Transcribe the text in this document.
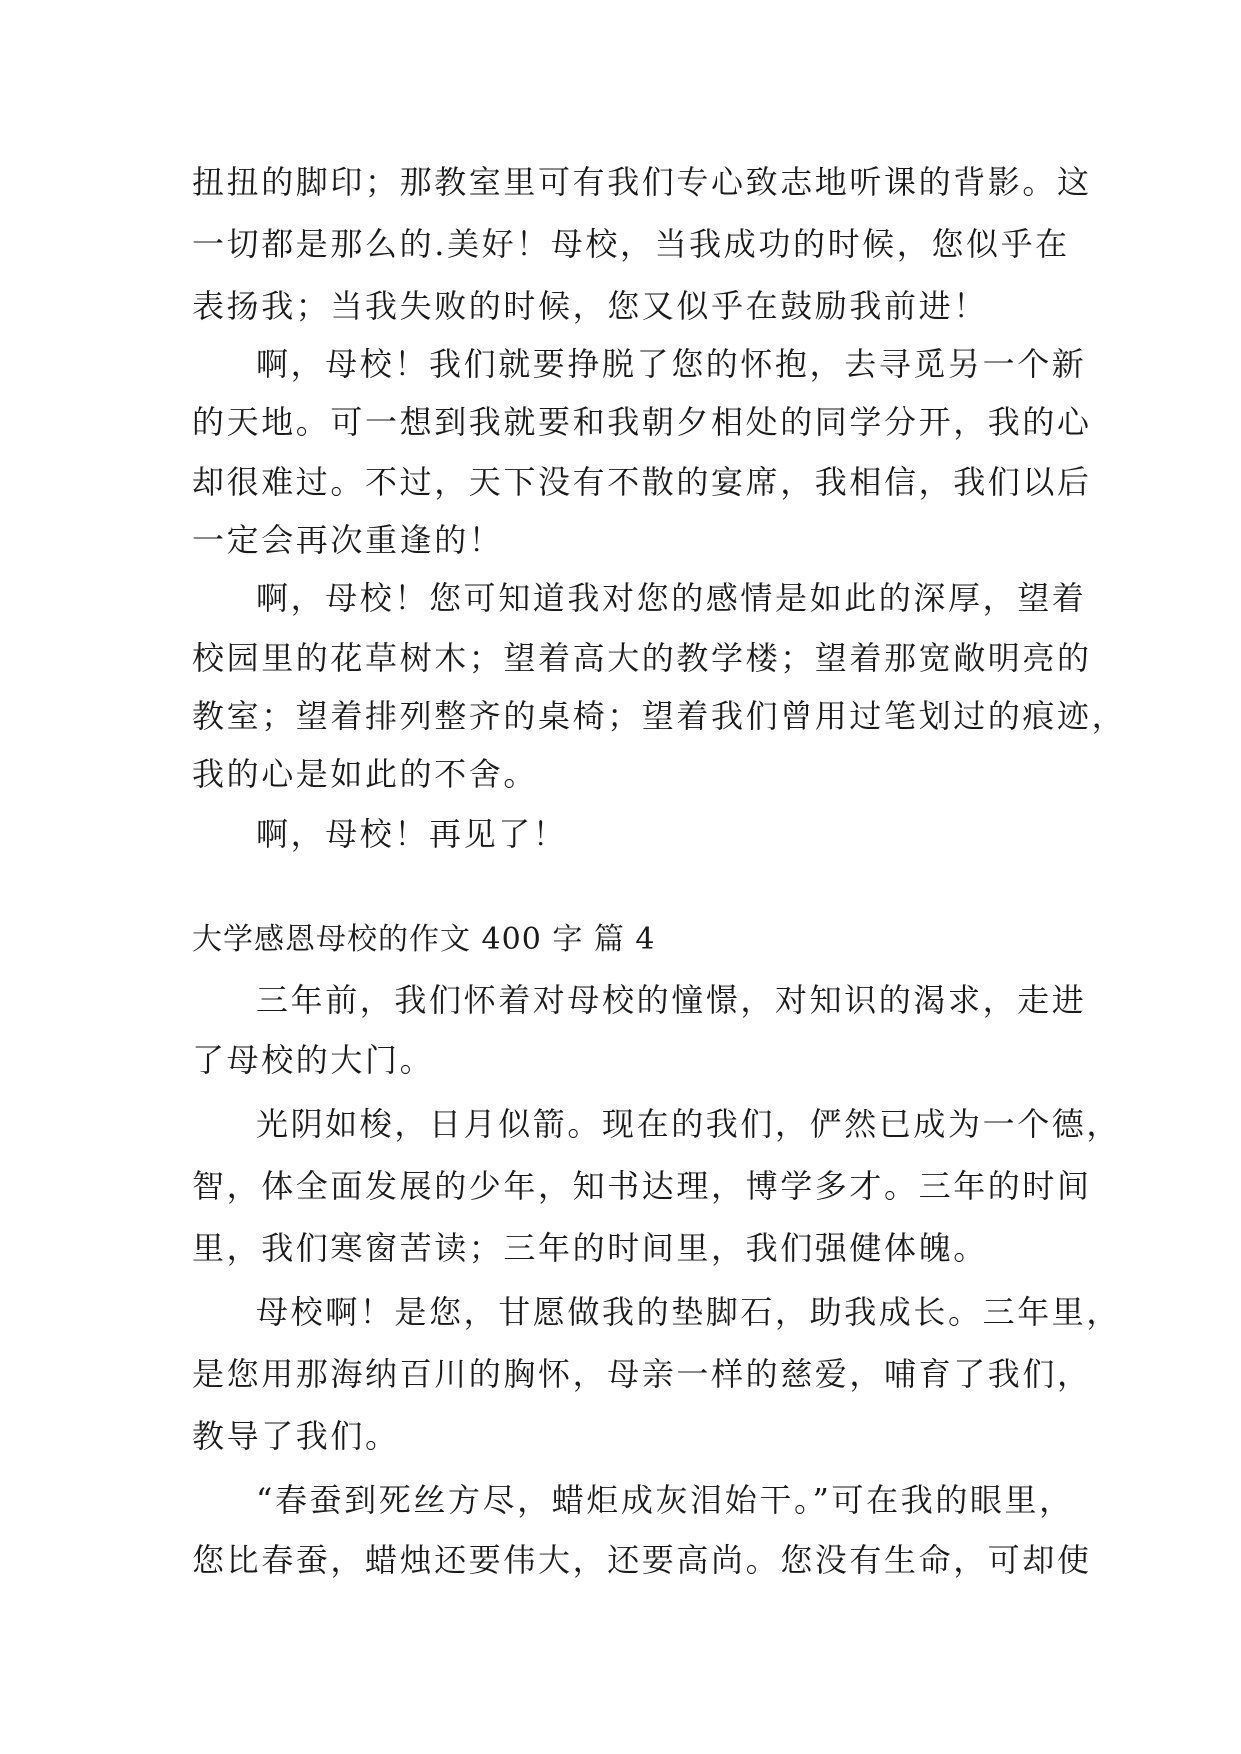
扭扭的脚印；那教室里可有我们专心致志地听课的背影。这
一切都是那么的.美好！母校，当我成功的时候，您似乎在
表扬我；当我失败的时候，您又似乎在鼓励我前进！
啊，母校！我们就要挣脱了您的怀抱，去寻觅另一个新
的天地。可一想到我就要和我朝夕相处的同学分开，我的心
却很难过。不过，天下没有不散的宴席，我相信，我们以后
一定会再次重逢的！
啊，母校！您可知道我对您的感情是如此的深厚，望着
校园里的花草树木；望着高大的教学楼；望着那宽敞明亮的
教室；望着排列整齐的桌椅；望着我们曾用过笔划过的痕迹，
我的心是如此的不舍。
啊，母校！再见了！
大学感恩母校的作文 400 字 篇 4
三年前，我们怀着对母校的憧憬，对知识的渴求，走进
了母校的大门。
光阴如梭，日月似箭。现在的我们，俨然已成为一个德，
智，体全面发展的少年，知书达理，博学多才。三年的时间
里，我们寒窗苦读；三年的时间里，我们强健体魄。
母校啊！是您，甘愿做我的垫脚石，助我成长。三年里，
是您用那海纳百川的胸怀，母亲一样的慈爱，哺育了我们，
教导了我们。
“春蚕到死丝方尽，蜡炬成灰泪始干。”可在我的眼里，
您比春蚕，蜡烛还要伟大，还要高尚。您没有生命，可却使
